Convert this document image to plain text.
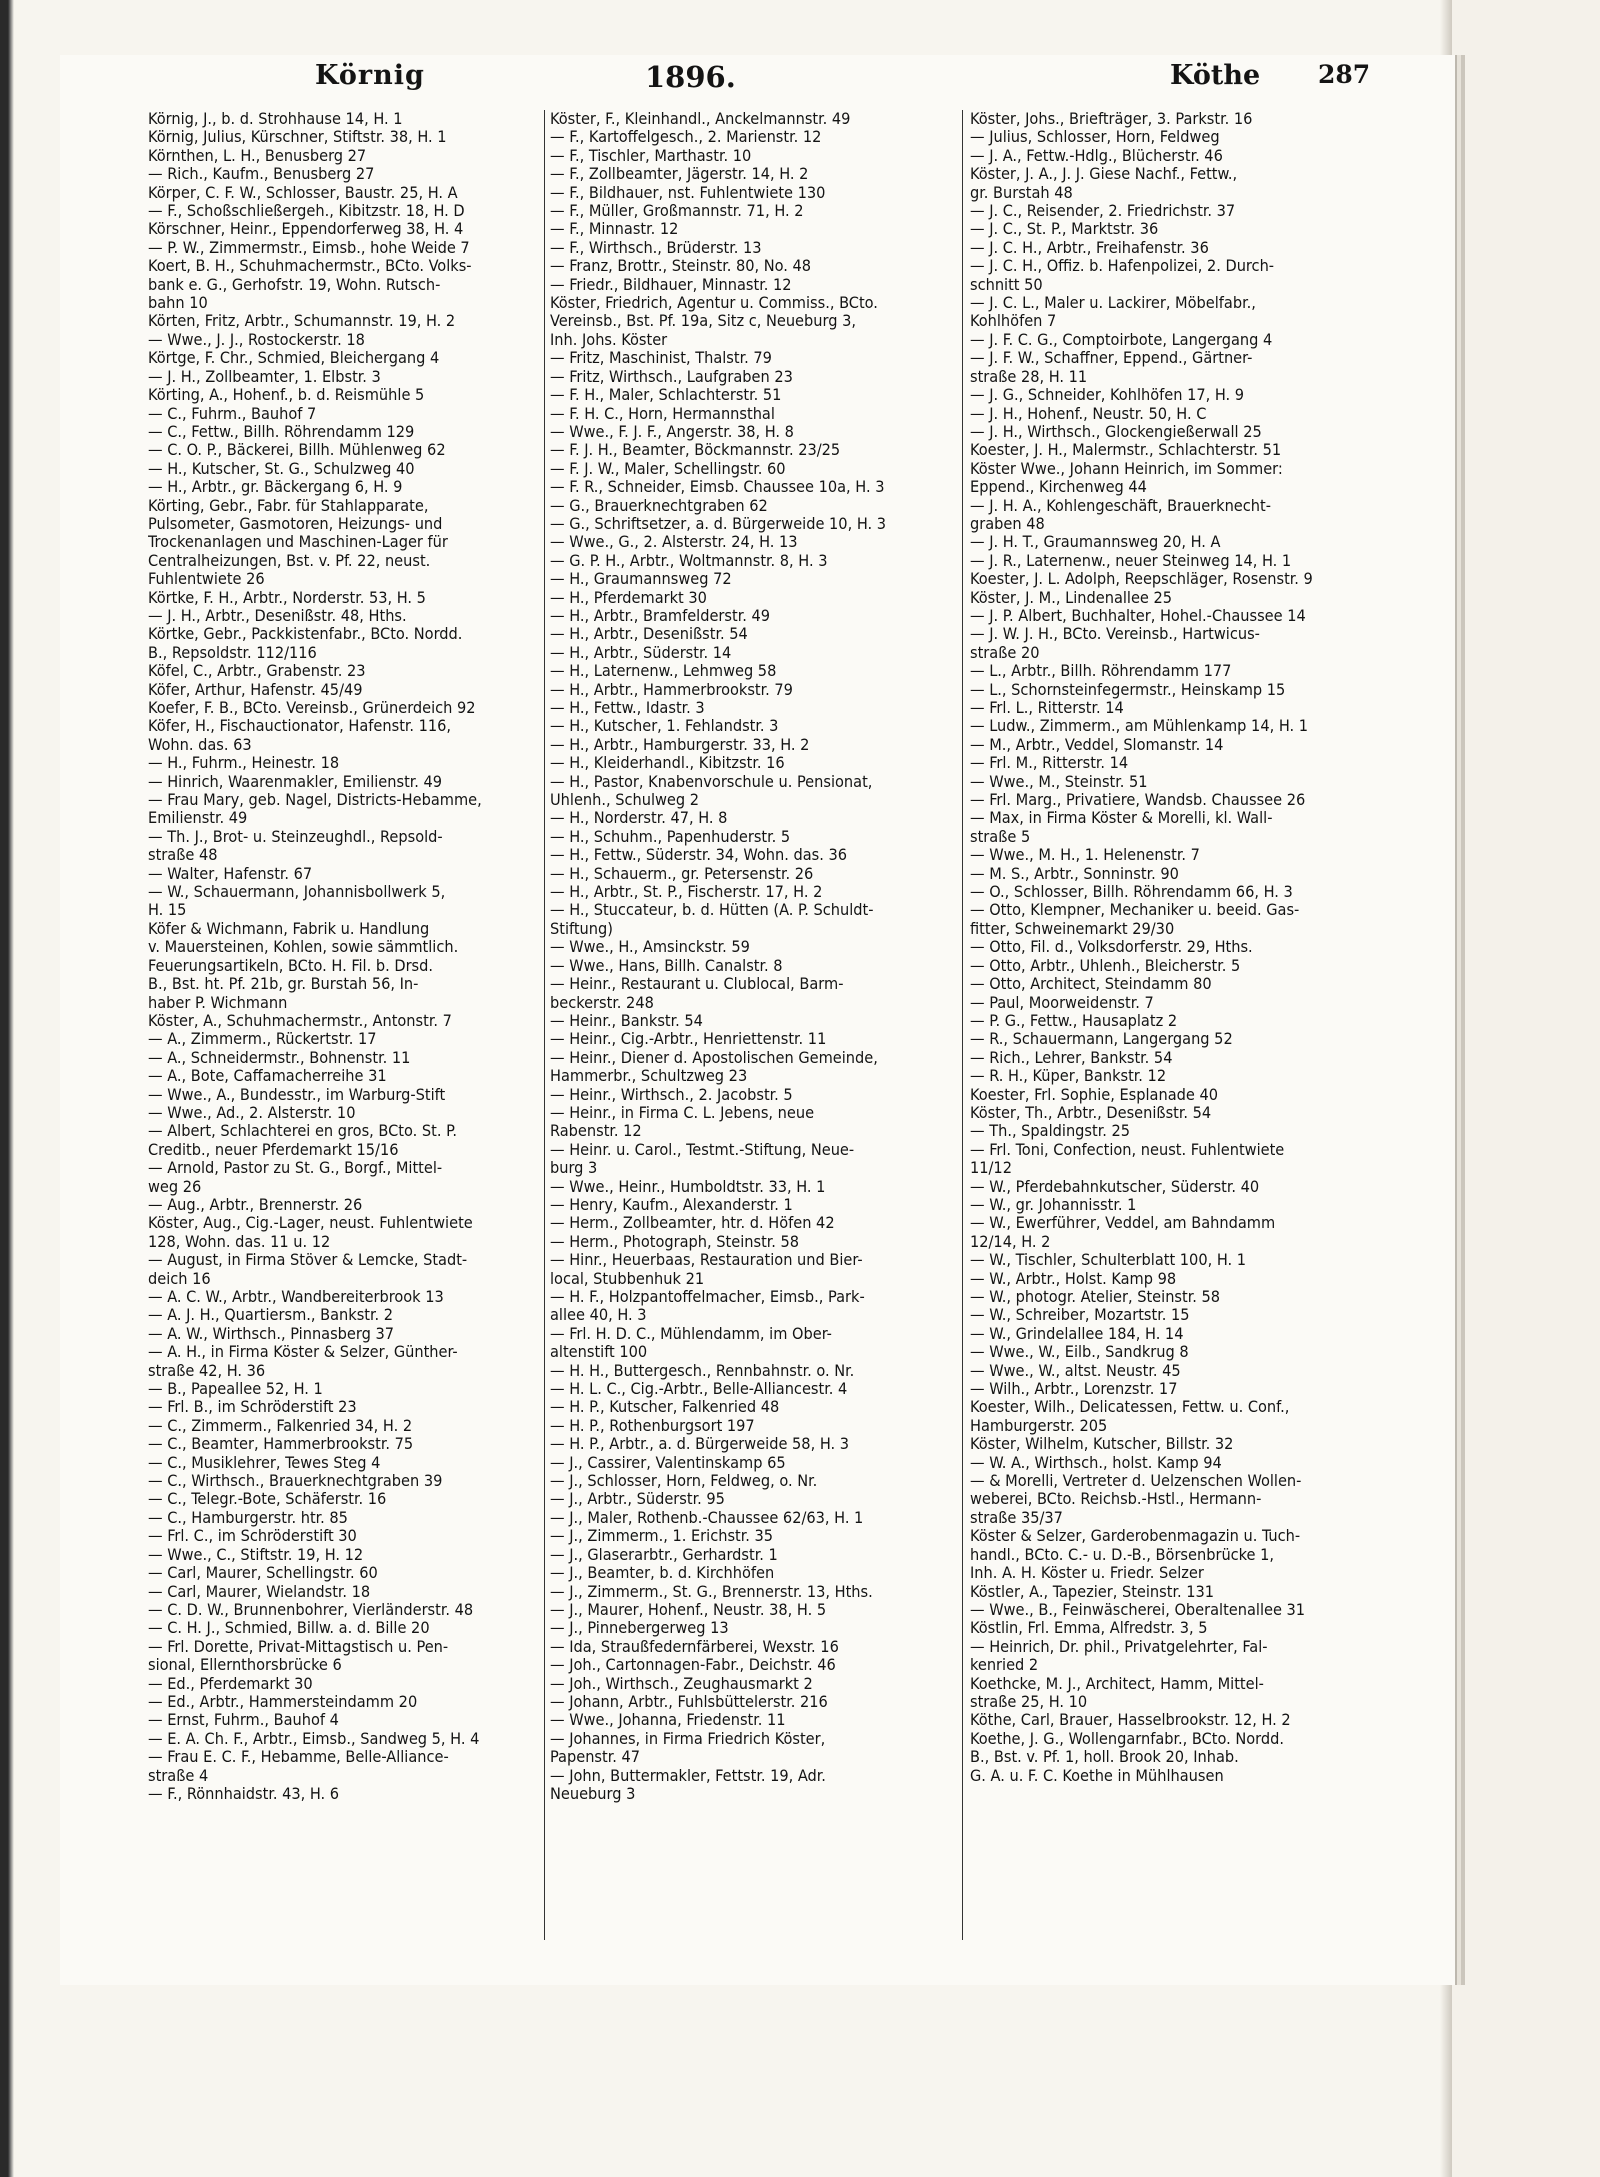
Körnig	1896.	Köthe 287
Körnig, J., b. d. Strohhause 14, H. 1
Körnig, Julius, Kürschner, Stiftstr. 38, H. 1
Körnthen, L. H., Benusberg 27
— Rich., Kaufm., Benusberg 27
Körper, C. F. W., Schlosser, Baustr. 25, H. A
— F., Schoßschließergeh., Kibitzstr. 18, H. D
Körschner, Heinr., Eppendorferweg 38, H. 4
— P. W., Zimmermstr., Eimsb., hohe Weide 7
Koert, B. H., Schuhmachermstr., BCto. Volks-
bank e. G., Gerhofstr. 19, Wohn. Rutsch-
bahn 10
Körten, Fritz, Arbtr., Schumannstr. 19, H. 2
— Wwe., J. J., Rostockerstr. 18
Körtge, F. Chr., Schmied, Bleichergang 4
— J. H., Zollbeamter, 1. Elbstr. 3
Körting, A., Hohenf., b. d. Reismühle 5
— C., Fuhrm., Bauhof 7
— C., Fettw., Billh. Röhrendamm 129
— C. O. P., Bäckerei, Billh. Mühlenweg 62
— H., Kutscher, St. G., Schulzweg 40
— H., Arbtr., gr. Bäckergang 6, H. 9
Körting, Gebr., Fabr. für Stahlapparate,
Pulsometer, Gasmotoren, Heizungs- und
Trockenanlagen und Maschinen-Lager für
Centralheizungen, Bst. v. Pf. 22, neust.
Fuhlentwiete 26
Körtke, F. H., Arbtr., Norderstr. 53, H. 5
— J. H., Arbtr., Desenißstr. 48, Hths.
Körtke, Gebr., Packkistenfabr., BCto. Nordd.
B., Repsoldstr. 112/116
Köfel, C., Arbtr., Grabenstr. 23
Köfer, Arthur, Hafenstr. 45/49
Koefer, F. B., BCto. Vereinsb., Grünerdeich 92
Köfer, H., Fischauctionator, Hafenstr. 116,
Wohn. das. 63
— H., Fuhrm., Heinestr. 18
— Hinrich, Waarenmakler, Emilienstr. 49
— Frau Mary, geb. Nagel, Districts-Hebamme,
Emilienstr. 49
— Th. J., Brot- u. Steinzeughdl., Repsold-
straße 48
— Walter, Hafenstr. 67
— W., Schauermann, Johannisbollwerk 5,
H. 15
Köfer & Wichmann, Fabrik u. Handlung
v. Mauersteinen, Kohlen, sowie sämmtlich.
Feuerungsartikeln, BCto. H. Fil. b. Drsd.
B., Bst. ht. Pf. 21b, gr. Burstah 56, In-
haber P. Wichmann
Köster, A., Schuhmachermstr., Antonstr. 7
— A., Zimmerm., Rückertstr. 17
— A., Schneidermstr., Bohnenstr. 11
— A., Bote, Caffamacherreihe 31
— Wwe., A., Bundesstr., im Warburg-Stift
— Wwe., Ad., 2. Alsterstr. 10
— Albert, Schlachterei en gros, BCto. St. P.
Creditb., neuer Pferdemarkt 15/16
— Arnold, Pastor zu St. G., Borgf., Mittel-
weg 26
— Aug., Arbtr., Brennerstr. 26
Köster, Aug., Cig.-Lager, neust. Fuhlentwiete
128, Wohn. das. 11 u. 12
— August, in Firma Stöver & Lemcke, Stadt-
deich 16
— A. C. W., Arbtr., Wandbereiterbrook 13
— A. J. H., Quartiersm., Bankstr. 2
— A. W., Wirthsch., Pinnasberg 37
— A. H., in Firma Köster & Selzer, Günther-
straße 42, H. 36
— B., Papeallee 52, H. 1
— Frl. B., im Schröderstift 23
— C., Zimmerm., Falkenried 34, H. 2
— C., Beamter, Hammerbrookstr. 75
— C., Musiklehrer, Tewes Steg 4
— C., Wirthsch., Brauerknechtgraben 39
— C., Telegr.-Bote, Schäferstr. 16
— C., Hamburgerstr. htr. 85
— Frl. C., im Schröderstift 30
— Wwe., C., Stiftstr. 19, H. 12
— Carl, Maurer, Schellingstr. 60
— Carl, Maurer, Wielandstr. 18
— C. D. W., Brunnenbohrer, Vierländerstr. 48
— C. H. J., Schmied, Billw. a. d. Bille 20
— Frl. Dorette, Privat-Mittagstisch u. Pen-
sional, Ellernthorsbrücke 6
— Ed., Pferdemarkt 30
— Ed., Arbtr., Hammersteindamm 20
— Ernst, Fuhrm., Bauhof 4
— E. A. Ch. F., Arbtr., Eimsb., Sandweg 5, H. 4
— Frau E. C. F., Hebamme, Belle-Alliance-
straße 4
— F., Rönnhaidstr. 43, H. 6
Köster, F., Kleinhandl., Anckelmannstr. 49
— F., Kartoffelgesch., 2. Marienstr. 12
— F., Tischler, Marthastr. 10
— F., Zollbeamter, Jägerstr. 14, H. 2
— F., Bildhauer, nst. Fuhlentwiete 130
— F., Müller, Großmannstr. 71, H. 2
— F., Minnastr. 12
— F., Wirthsch., Brüderstr. 13
— Franz, Brottr., Steinstr. 80, No. 48
— Friedr., Bildhauer, Minnastr. 12
Köster, Friedrich, Agentur u. Commiss., BCto.
Vereinsb., Bst. Pf. 19a, Sitz c, Neueburg 3,
Inh. Johs. Köster
— Fritz, Maschinist, Thalstr. 79
— Fritz, Wirthsch., Laufgraben 23
— F. H., Maler, Schlachterstr. 51
— F. H. C., Horn, Hermannsthal
— Wwe., F. J. F., Angerstr. 38, H. 8
— F. J. H., Beamter, Böckmannstr. 23/25
— F. J. W., Maler, Schellingstr. 60
— F. R., Schneider, Eimsb. Chaussee 10a, H. 3
— G., Brauerknechtgraben 62
— G., Schriftsetzer, a. d. Bürgerweide 10, H. 3
— Wwe., G., 2. Alsterstr. 24, H. 13
— G. P. H., Arbtr., Woltmannstr. 8, H. 3
— H., Graumannsweg 72
— H., Pferdemarkt 30
— H., Arbtr., Bramfelderstr. 49
— H., Arbtr., Desenißstr. 54
— H., Arbtr., Süderstr. 14
— H., Laternenw., Lehmweg 58
— H., Arbtr., Hammerbrookstr. 79
— H., Fettw., Idastr. 3
— H., Kutscher, 1. Fehlandstr. 3
— H., Arbtr., Hamburgerstr. 33, H. 2
— H., Kleiderhandl., Kibitzstr. 16
— H., Pastor, Knabenvorschule u. Pensionat,
Uhlenh., Schulweg 2
— H., Norderstr. 47, H. 8
— H., Schuhm., Papenhuderstr. 5
— H., Fettw., Süderstr. 34, Wohn. das. 36
— H., Schauerm., gr. Petersenstr. 26
— H., Arbtr., St. P., Fischerstr. 17, H. 2
— H., Stuccateur, b. d. Hütten (A. P. Schuldt-
Stiftung)
— Wwe., H., Amsinckstr. 59
— Wwe., Hans, Billh. Canalstr. 8
— Heinr., Restaurant u. Clublocal, Barm-
beckerstr. 248
— Heinr., Bankstr. 54
— Heinr., Cig.-Arbtr., Henriettenstr. 11
— Heinr., Diener d. Apostolischen Gemeinde,
Hammerbr., Schultzweg 23
— Heinr., Wirthsch., 2. Jacobstr. 5
— Heinr., in Firma C. L. Jebens, neue
Rabenstr. 12
— Heinr. u. Carol., Testmt.-Stiftung, Neue-
burg 3
— Wwe., Heinr., Humboldtstr. 33, H. 1
— Henry, Kaufm., Alexanderstr. 1
— Herm., Zollbeamter, htr. d. Höfen 42
— Herm., Photograph, Steinstr. 58
— Hinr., Heuerbaas, Restauration und Bier-
local, Stubbenhuk 21
— H. F., Holzpantoffelmacher, Eimsb., Park-
allee 40, H. 3
— Frl. H. D. C., Mühlendamm, im Ober-
altenstift 100
— H. H., Buttergesch., Rennbahnstr. o. Nr.
— H. L. C., Cig.-Arbtr., Belle-Alliancestr. 4
— H. P., Kutscher, Falkenried 48
— H. P., Rothenburgsort 197
— H. P., Arbtr., a. d. Bürgerweide 58, H. 3
— J., Cassirer, Valentinskamp 65
— J., Schlosser, Horn, Feldweg, o. Nr.
— J., Arbtr., Süderstr. 95
— J., Maler, Rothenb.-Chaussee 62/63, H. 1
— J., Zimmerm., 1. Erichstr. 35
— J., Glaserarbtr., Gerhardstr. 1
— J., Beamter, b. d. Kirchhöfen
— J., Zimmerm., St. G., Brennerstr. 13, Hths.
— J., Maurer, Hohenf., Neustr. 38, H. 5
— J., Pinnebergerweg 13
— Ida, Straußfedernfärberei, Wexstr. 16
— Joh., Cartonnagen-Fabr., Deichstr. 46
— Joh., Wirthsch., Zeughausmarkt 2
— Johann, Arbtr., Fuhlsbüttelerstr. 216
— Wwe., Johanna, Friedenstr. 11
— Johannes, in Firma Friedrich Köster,
Papenstr. 47
— John, Buttermakler, Fettstr. 19, Adr.
Neueburg 3
Köster, Johs., Briefträger, 3. Parkstr. 16
— Julius, Schlosser, Horn, Feldweg
— J. A., Fettw.-Hdlg., Blücherstr. 46
Köster, J. A., J. J. Giese Nachf., Fettw.,
gr. Burstah 48
— J. C., Reisender, 2. Friedrichstr. 37
— J. C., St. P., Marktstr. 36
— J. C. H., Arbtr., Freihafenstr. 36
— J. C. H., Offiz. b. Hafenpolizei, 2. Durch-
schnitt 50
— J. C. L., Maler u. Lackirer, Möbelfabr.,
Kohlhöfen 7
— J. F. C. G., Comptoirbote, Langergang 4
— J. F. W., Schaffner, Eppend., Gärtner-
straße 28, H. 11
— J. G., Schneider, Kohlhöfen 17, H. 9
— J. H., Hohenf., Neustr. 50, H. C
— J. H., Wirthsch., Glockengießerwall 25
Koester, J. H., Malermstr., Schlachterstr. 51
Köster Wwe., Johann Heinrich, im Sommer:
Eppend., Kirchenweg 44
— J. H. A., Kohlengeschäft, Brauerknecht-
graben 48
— J. H. T., Graumannsweg 20, H. A
— J. R., Laternenw., neuer Steinweg 14, H. 1
Koester, J. L. Adolph, Reepschläger, Rosenstr. 9
Köster, J. M., Lindenallee 25
— J. P. Albert, Buchhalter, Hohel.-Chaussee 14
— J. W. J. H., BCto. Vereinsb., Hartwicus-
straße 20
— L., Arbtr., Billh. Röhrendamm 177
— L., Schornsteinfegermstr., Heinskamp 15
— Frl. L., Ritterstr. 14
— Ludw., Zimmerm., am Mühlenkamp 14, H. 1
— M., Arbtr., Veddel, Slomanstr. 14
— Frl. M., Ritterstr. 14
— Wwe., M., Steinstr. 51
— Frl. Marg., Privatiere, Wandsb. Chaussee 26
— Max, in Firma Köster & Morelli, kl. Wall-
straße 5
— Wwe., M. H., 1. Helenenstr. 7
— M. S., Arbtr., Sonninstr. 90
— O., Schlosser, Billh. Röhrendamm 66, H. 3
— Otto, Klempner, Mechaniker u. beeid. Gas-
fitter, Schweinemarkt 29/30
— Otto, Fil. d., Volksdorferstr. 29, Hths.
— Otto, Arbtr., Uhlenh., Bleicherstr. 5
— Otto, Architect, Steindamm 80
— Paul, Moorweidenstr. 7
— P. G., Fettw., Hausaplatz 2
— R., Schauermann, Langergang 52
— Rich., Lehrer, Bankstr. 54
— R. H., Küper, Bankstr. 12
Koester, Frl. Sophie, Esplanade 40
Köster, Th., Arbtr., Desenißstr. 54
— Th., Spaldingstr. 25
— Frl. Toni, Confection, neust. Fuhlentwiete
11/12
— W., Pferdebahnkutscher, Süderstr. 40
— W., gr. Johannisstr. 1
— W., Ewerführer, Veddel, am Bahndamm
12/14, H. 2
— W., Tischler, Schulterblatt 100, H. 1
— W., Arbtr., Holst. Kamp 98
— W., photogr. Atelier, Steinstr. 58
— W., Schreiber, Mozartstr. 15
— W., Grindelallee 184, H. 14
— Wwe., W., Eilb., Sandkrug 8
— Wwe., W., altst. Neustr. 45
— Wilh., Arbtr., Lorenzstr. 17
Koester, Wilh., Delicatessen, Fettw. u. Conf.,
Hamburgerstr. 205
Köster, Wilhelm, Kutscher, Billstr. 32
— W. A., Wirthsch., holst. Kamp 94
— & Morelli, Vertreter d. Uelzenschen Wollen-
weberei, BCto. Reichsb.-Hstl., Hermann-
straße 35/37
Köster & Selzer, Garderobenmagazin u. Tuch-
handl., BCto. C.- u. D.-B., Börsenbrücke 1,
Inh. A. H. Köster u. Friedr. Selzer
Köstler, A., Tapezier, Steinstr. 131
— Wwe., B., Feinwäscherei, Oberaltenallee 31
Köstlin, Frl. Emma, Alfredstr. 3, 5
— Heinrich, Dr. phil., Privatgelehrter, Fal-
kenried 2
Koethcke, M. J., Architect, Hamm, Mittel-
straße 25, H. 10
Köthe, Carl, Brauer, Hasselbrookstr. 12, H. 2
Koethe, J. G., Wollengarnfabr., BCto. Nordd.
B., Bst. v. Pf. 1, holl. Brook 20, Inhab.
G. A. u. F. C. Koethe in Mühlhausen
